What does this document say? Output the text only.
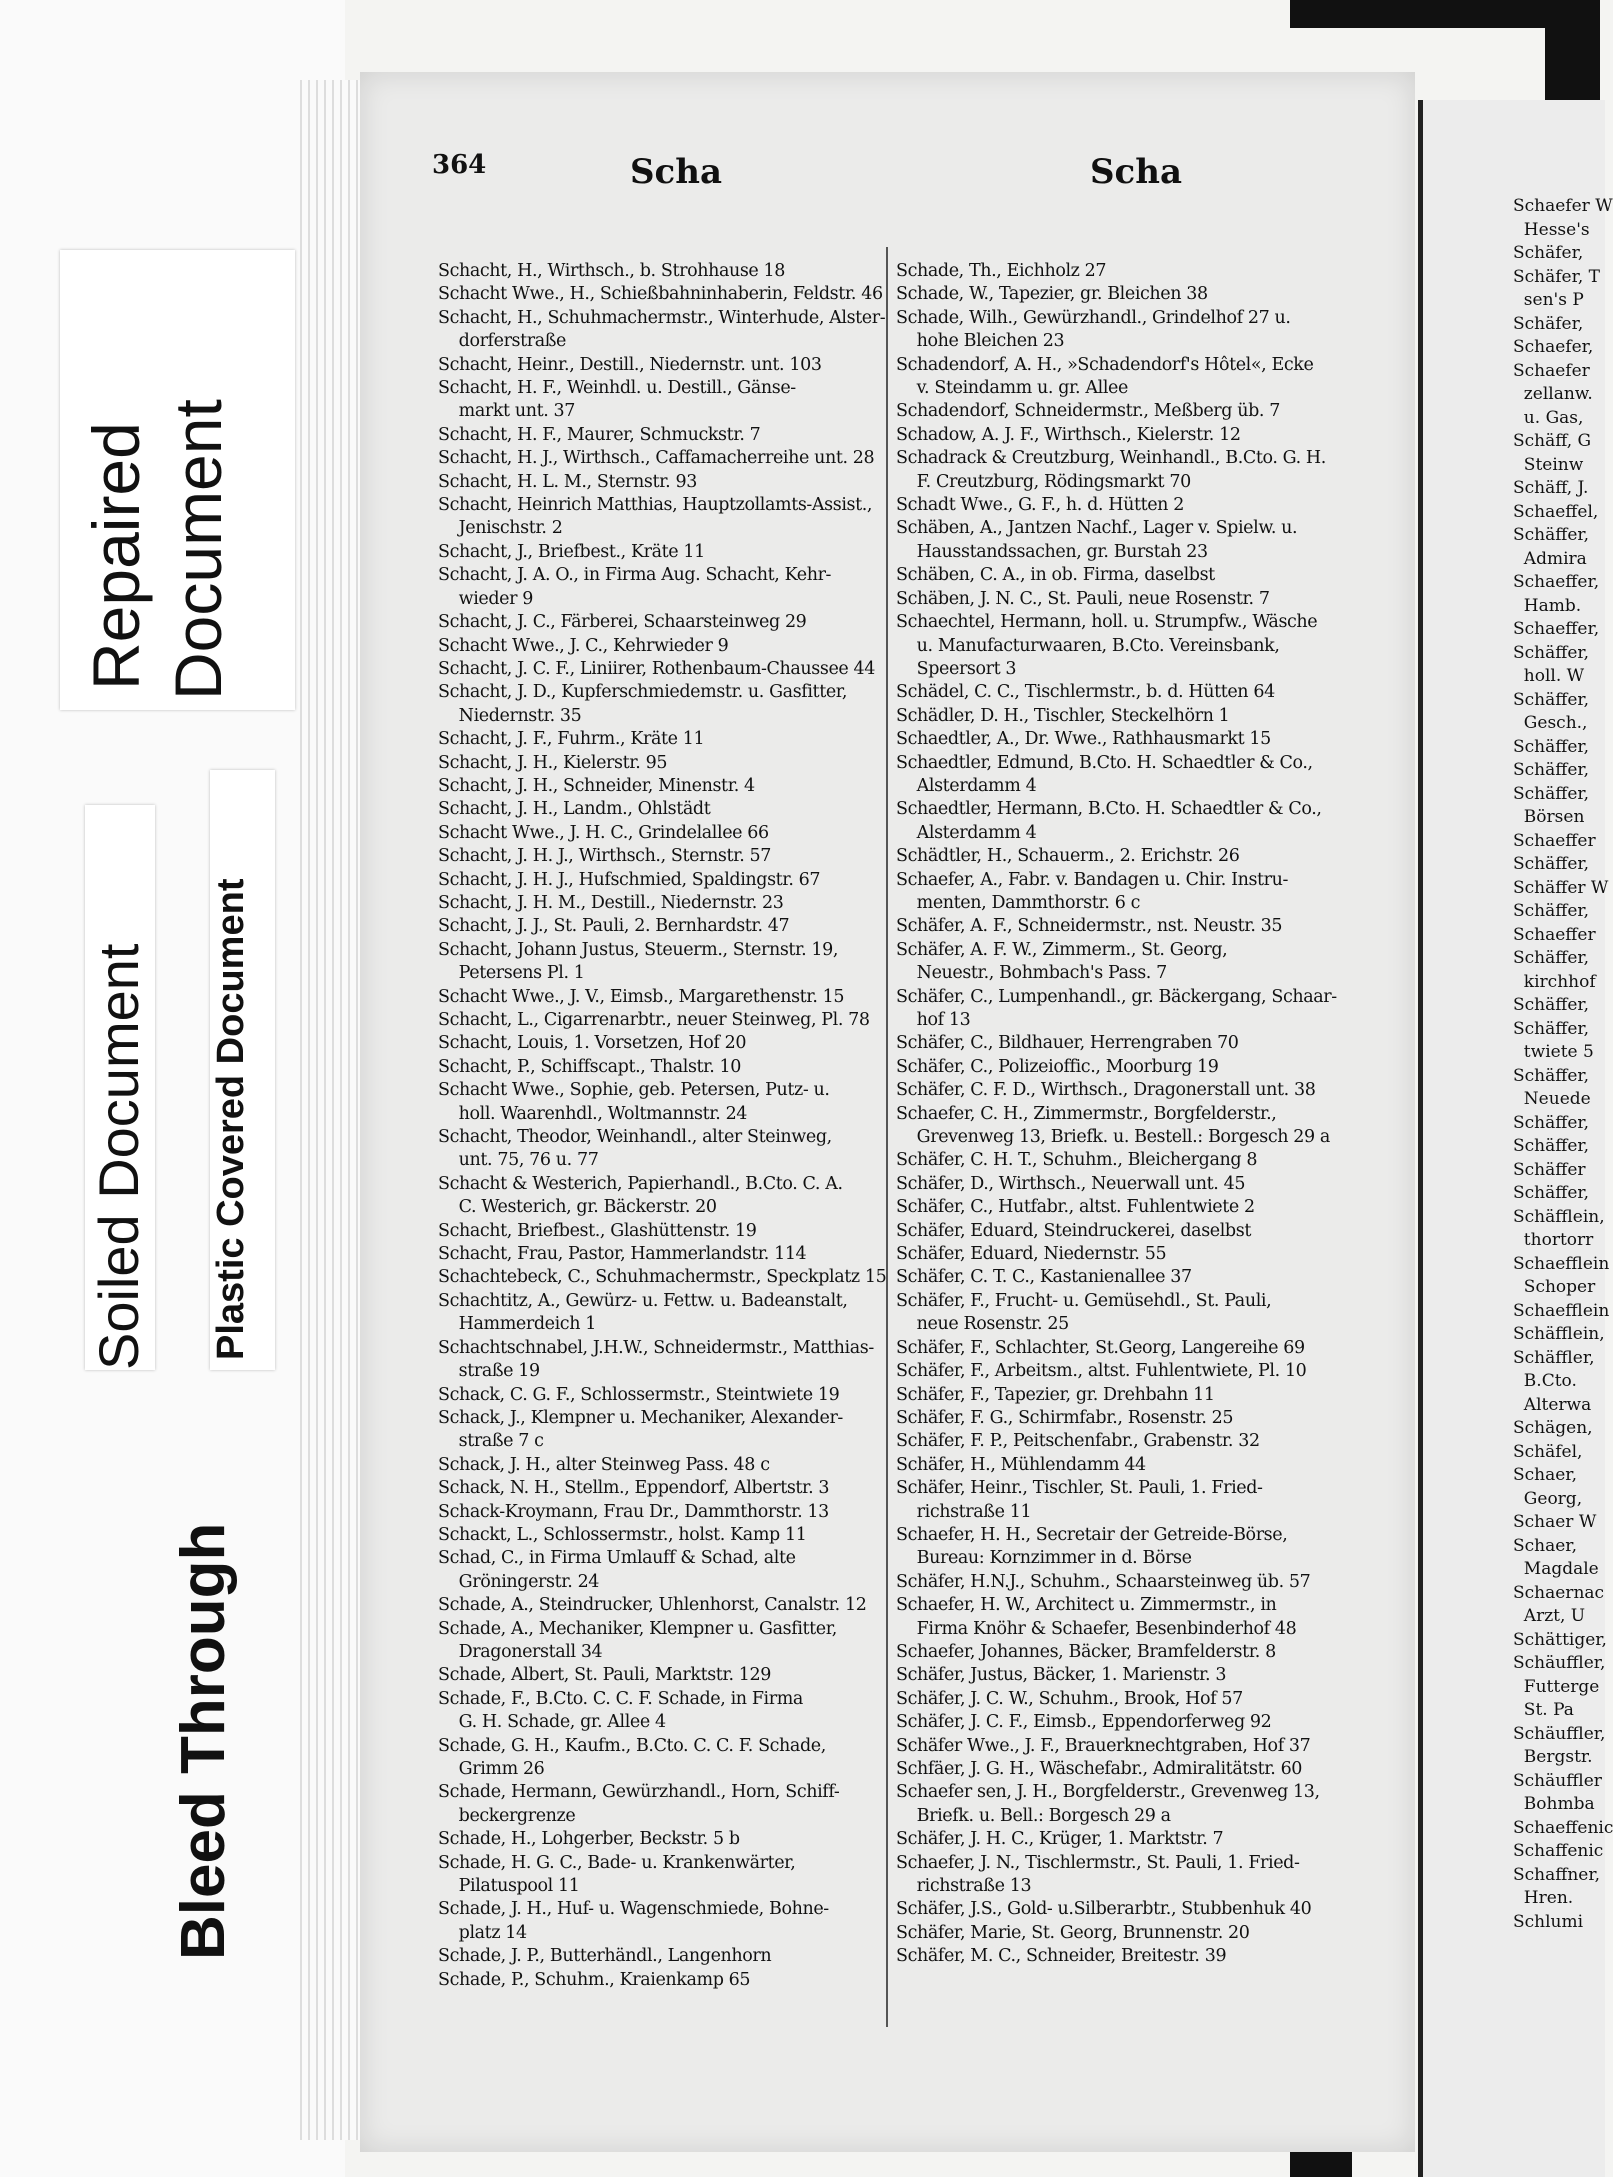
Bleed Through
Soiled Document Plastic Covered Document
Repaired Document
364	Scha	Scha
Schacht, H., Wirthsch., b. Strohhause 18
Schacht Wwe., H., Schießbahninhaberin, Feldstr. 46
Schacht, H., Schuhmachermstr., Winterhude, Alster-
dorferstraße
Schacht, Heinr., Destill., Niedernstr. unt. 103
Schacht, H. F., Weinhdl. u. Destill., Gänse-
markt unt. 37
Schacht, H. F., Maurer, Schmuckstr. 7
Schacht, H. J., Wirthsch., Caffamacherreihe unt. 28
Schacht, H. L. M., Sternstr. 93
Schacht, Heinrich Matthias, Hauptzollamts-Assist.,
Jenischstr. 2
Schacht, J., Briefbest., Kräte 11
Schacht, J. A. O., in Firma Aug. Schacht, Kehr-
wieder 9
Schacht, J. C., Färberei, Schaarsteinweg 29
Schacht Wwe., J. C., Kehrwieder 9
Schacht, J. C. F., Liniirer, Rothenbaum-Chaussee 44
Schacht, J. D., Kupferschmiedemstr. u. Gasfitter,
Niedernstr. 35
Schacht, J. F., Fuhrm., Kräte 11
Schacht, J. H., Kielerstr. 95
Schacht, J. H., Schneider, Minenstr. 4
Schacht, J. H., Landm., Ohlstädt
Schacht Wwe., J. H. C., Grindelallee 66
Schacht, J. H. J., Wirthsch., Sternstr. 57
Schacht, J. H. J., Hufschmied, Spaldingstr. 67
Schacht, J. H. M., Destill., Niedernstr. 23
Schacht, J. J., St. Pauli, 2. Bernhardstr. 47
Schacht, Johann Justus, Steuerm., Sternstr. 19,
Petersens Pl. 1
Schacht Wwe., J. V., Eimsb., Margarethenstr. 15
Schacht, L., Cigarrenarbtr., neuer Steinweg, Pl. 78
Schacht, Louis, 1. Vorsetzen, Hof 20
Schacht, P., Schiffscapt., Thalstr. 10
Schacht Wwe., Sophie, geb. Petersen, Putz- u.
holl. Waarenhdl., Woltmannstr. 24
Schacht, Theodor, Weinhandl., alter Steinweg,
unt. 75, 76 u. 77
Schacht & Westerich, Papierhandl., B.Cto. C. A.
C. Westerich, gr. Bäckerstr. 20
Schacht, Briefbest., Glashüttenstr. 19
Schacht, Frau, Pastor, Hammerlandstr. 114
Schachtebeck, C., Schuhmachermstr., Speckplatz 15
Schachtitz, A., Gewürz- u. Fettw. u. Badeanstalt,
Hammerdeich 1
Schachtschnabel, J.H.W., Schneidermstr., Matthias-
straße 19
Schack, C. G. F., Schlossermstr., Steintwiete 19
Schack, J., Klempner u. Mechaniker, Alexander-
straße 7 c
Schack, J. H., alter Steinweg Pass. 48 c
Schack, N. H., Stellm., Eppendorf, Albertstr. 3
Schack-Kroymann, Frau Dr., Dammthorstr. 13
Schackt, L., Schlossermstr., holst. Kamp 11
Schad, C., in Firma Umlauff & Schad, alte
Gröningerstr. 24
Schade, A., Steindrucker, Uhlenhorst, Canalstr. 12
Schade, A., Mechaniker, Klempner u. Gasfitter,
Dragonerstall 34
Schade, Albert, St. Pauli, Marktstr. 129
Schade, F., B.Cto. C. C. F. Schade, in Firma
G. H. Schade, gr. Allee 4
Schade, G. H., Kaufm., B.Cto. C. C. F. Schade,
Grimm 26
Schade, Hermann, Gewürzhandl., Horn, Schiff-
beckergrenze
Schade, H., Lohgerber, Beckstr. 5 b
Schade, H. G. C., Bade- u. Krankenwärter,
Pilatuspool 11
Schade, J. H., Huf- u. Wagenschmiede, Bohne-
platz 14
Schade, J. P., Butterhändl., Langenhorn
Schade, P., Schuhm., Kraienkamp 65
Schade, Th., Eichholz 27
Schade, W., Tapezier, gr. Bleichen 38
Schade, Wilh., Gewürzhandl., Grindelhof 27 u.
hohe Bleichen 23
Schadendorf, A. H., »Schadendorf's Hôtel«, Ecke
v. Steindamm u. gr. Allee
Schadendorf, Schneidermstr., Meßberg üb. 7
Schadow, A. J. F., Wirthsch., Kielerstr. 12
Schadrack & Creutzburg, Weinhandl., B.Cto. G. H.
F. Creutzburg, Rödingsmarkt 70
Schadt Wwe., G. F., h. d. Hütten 2
Schäben, A., Jantzen Nachf., Lager v. Spielw. u.
Hausstandssachen, gr. Burstah 23
Schäben, C. A., in ob. Firma, daselbst
Schäben, J. N. C., St. Pauli, neue Rosenstr. 7
Schaechtel, Hermann, holl. u. Strumpfw., Wäsche
u. Manufacturwaaren, B.Cto. Vereinsbank,
Speersort 3
Schädel, C. C., Tischlermstr., b. d. Hütten 64
Schädler, D. H., Tischler, Steckelhörn 1
Schaedtler, A., Dr. Wwe., Rathhausmarkt 15
Schaedtler, Edmund, B.Cto. H. Schaedtler & Co.,
Alsterdamm 4
Schaedtler, Hermann, B.Cto. H. Schaedtler & Co.,
Alsterdamm 4
Schädtler, H., Schauerm., 2. Erichstr. 26
Schaefer, A., Fabr. v. Bandagen u. Chir. Instru-
menten, Dammthorstr. 6 c
Schäfer, A. F., Schneidermstr., nst. Neustr. 35
Schäfer, A. F. W., Zimmerm., St. Georg,
Neuestr., Bohmbach's Pass. 7
Schäfer, C., Lumpenhandl., gr. Bäckergang, Schaar-
hof 13
Schäfer, C., Bildhauer, Herrengraben 70
Schäfer, C., Polizeioffic., Moorburg 19
Schäfer, C. F. D., Wirthsch., Dragonerstall unt. 38
Schaefer, C. H., Zimmermstr., Borgfelderstr.,
Grevenweg 13, Briefk. u. Bestell.: Borgesch 29 a
Schäfer, C. H. T., Schuhm., Bleichergang 8
Schäfer, D., Wirthsch., Neuerwall unt. 45
Schäfer, C., Hutfabr., altst. Fuhlentwiete 2
Schäfer, Eduard, Steindruckerei, daselbst
Schäfer, Eduard, Niedernstr. 55
Schäfer, C. T. C., Kastanienallee 37
Schäfer, F., Frucht- u. Gemüsehdl., St. Pauli,
neue Rosenstr. 25
Schäfer, F., Schlachter, St.Georg, Langereihe 69
Schäfer, F., Arbeitsm., altst. Fuhlentwiete, Pl. 10
Schäfer, F., Tapezier, gr. Drehbahn 11
Schäfer, F. G., Schirmfabr., Rosenstr. 25
Schäfer, F. P., Peitschenfabr., Grabenstr. 32
Schäfer, H., Mühlendamm 44
Schäfer, Heinr., Tischler, St. Pauli, 1. Fried-
richstraße 11
Schaefer, H. H., Secretair der Getreide-Börse,
Bureau: Kornzimmer in d. Börse
Schäfer, H.N.J., Schuhm., Schaarsteinweg üb. 57
Schaefer, H. W., Architect u. Zimmermstr., in
Firma Knöhr & Schaefer, Besenbinderhof 48
Schaefer, Johannes, Bäcker, Bramfelderstr. 8
Schäfer, Justus, Bäcker, 1. Marienstr. 3
Schäfer, J. C. W., Schuhm., Brook, Hof 57
Schäfer, J. C. F., Eimsb., Eppendorferweg 92
Schäfer Wwe., J. F., Brauerknechtgraben, Hof 37
Schfäer, J. G. H., Wäschefabr., Admiralitätstr. 60
Schaefer sen, J. H., Borgfelderstr., Grevenweg 13,
Briefk. u. Bell.: Borgesch 29 a
Schäfer, J. H. C., Krüger, 1. Marktstr. 7
Schaefer, J. N., Tischlermstr., St. Pauli, 1. Fried-
richstraße 13
Schäfer, J.S., Gold- u.Silberarbtr., Stubbenhuk 40
Schäfer, Marie, St. Georg, Brunnenstr. 20
Schäfer, M. C., Schneider, Breitestr. 39
Schaefer W
Hesse's
Schäfer,
Schäfer, T
sen's P
Schäfer,
Schaefer,
Schaefer
zellanw.
u. Gas,
Schäff, G
Steinw
Schäff, J.
Schaeffel,
Schäffer,
Admira
Schaeffer,
Hamb.
Schaeffer,
Schäffer,
holl. W
Schäffer,
Gesch.,
Schäffer,
Schäffer,
Schäffer,
Börsen
Schaeffer
Schäffer,
Schäffer W
Schäffer,
Schaeffer
Schäffer,
kirchhof
Schäffer,
Schäffer,
twiete 5
Schäffer,
Neuede
Schäffer,
Schäffer,
Schäffer
Schäffer,
Schäfflein,
thortorr
Schaefflein
Schoper
Schaefflein
Schäfflein,
Schäffler,
B.Cto.
Alterwa
Schägen,
Schäfel,
Schaer,
Georg,
Schaer W
Schaer,
Magdale
Schaernac
Arzt, U
Schättiger,
Schäuffler,
Futterge
St. Pa
Schäuffler,
Bergstr.
Schäuffler
Bohmba
Schaeffenic
Schaffenic
Schaffner,
Hren.
Schlumi
